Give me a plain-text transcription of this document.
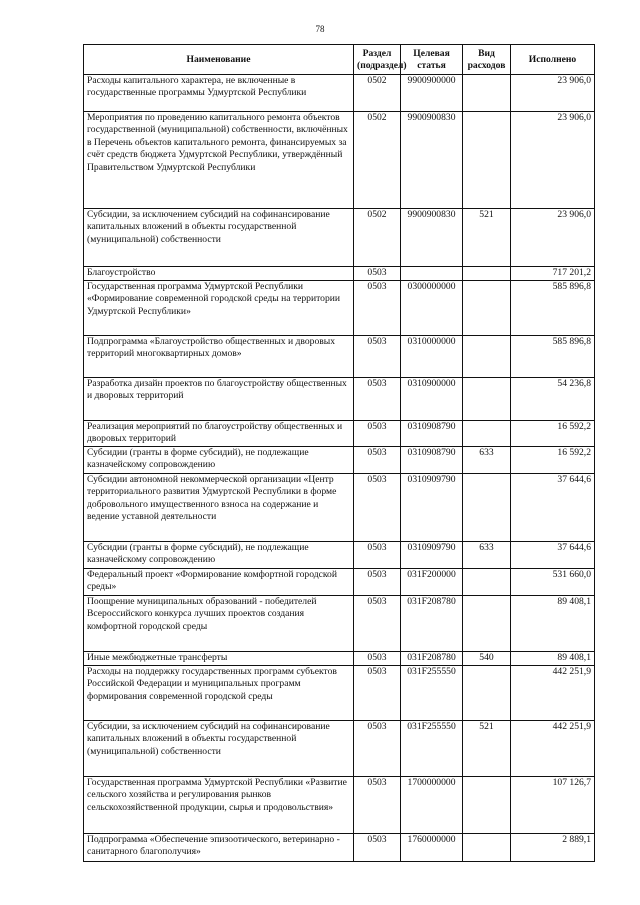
78
Наименование	Раздел (подраздел)	Целевая статья	Вид расходов	Исполнено
Расходы капитального характера, не включенные в государственные программы Удмуртской Республики	0502	9900900000		23 906,0
Мероприятия по проведению капитального ремонта объектов государственной (муниципальной) собственности, включённых в Перечень объектов капитального ремонта, финансируемых за счёт средств бюджета Удмуртской Республики, утверждённый Правительством Удмуртской Республики	0502	9900900830		23 906,0
Субсидии, за исключением субсидий на софинансирование капитальных вложений в объекты государственной (муниципальной) собственности	0502	9900900830	521	23 906,0
Благоустройство	0503			717 201,2
Государственная программа Удмуртской Республики «Формирование современной городской среды на территории Удмуртской Республики»	0503	0300000000		585 896,8
Подпрограмма «Благоустройство общественных и дворовых территорий многоквартирных домов»	0503	0310000000		585 896,8
Разработка дизайн проектов по благоустройству общественных и дворовых территорий	0503	0310900000		54 236,8
Реализация мероприятий по благоустройству общественных и дворовых территорий	0503	0310908790		16 592,2
Субсидии (гранты в форме субсидий), не подлежащие казначейскому сопровождению	0503	0310908790	633	16 592,2
Субсидии автономной некоммерческой организации «Центр территориального развития Удмуртской Республики в форме добровольного имущественного взноса на содержание и ведение уставной деятельности	0503	0310909790		37 644,6
Субсидии (гранты в форме субсидий), не подлежащие казначейскому сопровождению	0503	0310909790	633	37 644,6
Федеральный проект «Формирование комфортной городской среды»	0503	031F200000		531 660,0
Поощрение муниципальных образований - победителей Всероссийского конкурса лучших проектов создания комфортной городской среды	0503	031F208780		89 408,1
Иные межбюджетные трансферты	0503	031F208780	540	89 408,1
Расходы на поддержку государственных программ субъектов Российской Федерации и муниципальных программ формирования современной городской среды	0503	031F255550		442 251,9
Субсидии, за исключением субсидий на софинансирование капитальных вложений в объекты государственной (муниципальной) собственности	0503	031F255550	521	442 251,9
Государственная программа Удмуртской Республики «Развитие сельского хозяйства и регулирования рынков сельскохозяйственной продукции, сырья и продовольствия»	0503	1700000000		107 126,7
Подпрограмма «Обеспечение эпизоотического, ветеринарно - санитарного благополучия»	0503	1760000000		2 889,1
